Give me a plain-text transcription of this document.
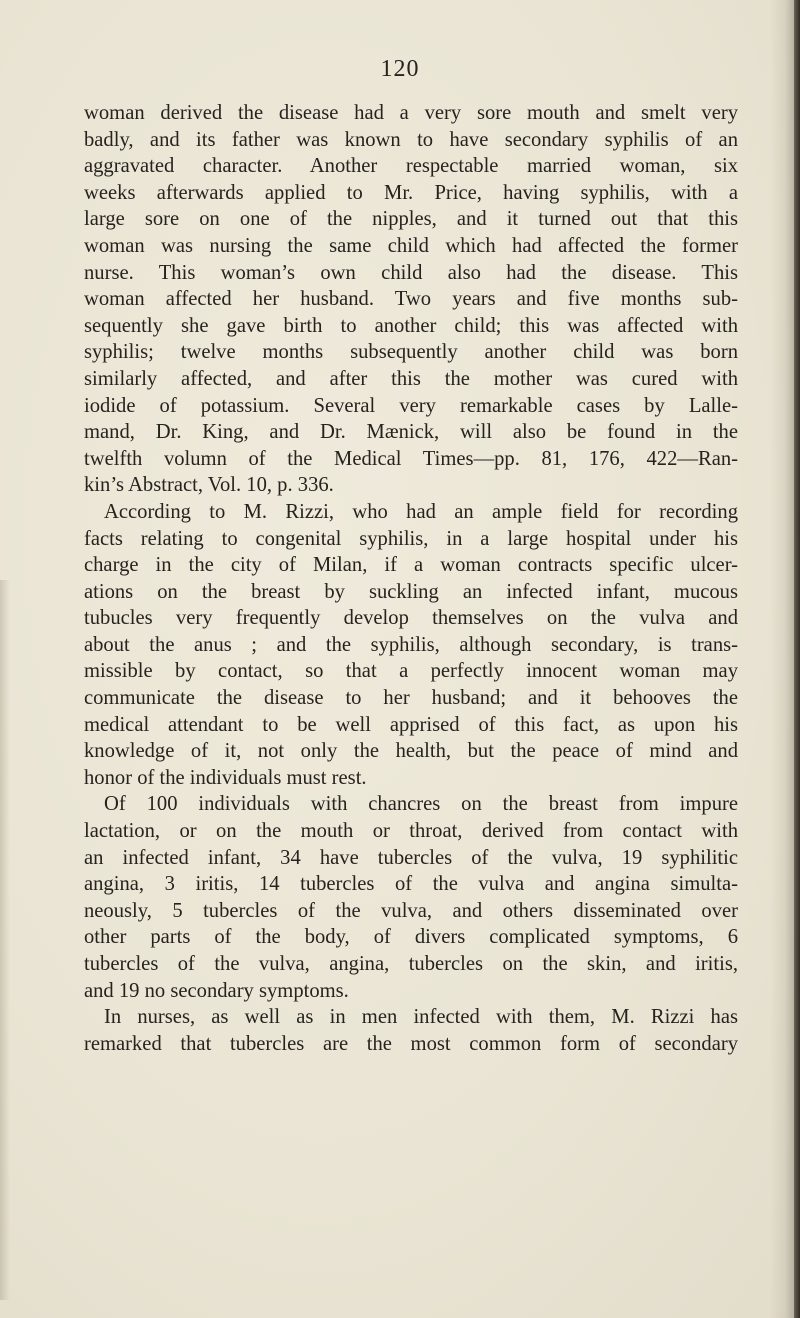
120
woman derived the disease had a very sore mouth and smelt very
badly, and its father was known to have secondary syphilis of an
aggravated character. Another respectable married woman, six
weeks afterwards applied to Mr. Price, having syphilis, with a
large sore on one of the nipples, and it turned out that this
woman was nursing the same child which had affected the former
nurse. This woman’s own child also had the disease. This
woman affected her husband. Two years and five months sub-
sequently she gave birth to another child; this was affected with
syphilis; twelve months subsequently another child was born
similarly affected, and after this the mother was cured with
iodide of potassium. Several very remarkable cases by Lalle-
mand, Dr. King, and Dr. Mænick, will also be found in the
twelfth volumn of the Medical Times—pp. 81, 176, 422—Ran-
kin’s Abstract, Vol. 10, p. 336.
According to M. Rizzi, who had an ample field for recording
facts relating to congenital syphilis, in a large hospital under his
charge in the city of Milan, if a woman contracts specific ulcer-
ations on the breast by suckling an infected infant, mucous
tubucles very frequently develop themselves on the vulva and
about the anus ; and the syphilis, although secondary, is trans-
missible by contact, so that a perfectly innocent woman may
communicate the disease to her husband; and it behooves the
medical attendant to be well apprised of this fact, as upon his
knowledge of it, not only the health, but the peace of mind and
honor of the individuals must rest.
Of 100 individuals with chancres on the breast from impure
lactation, or on the mouth or throat, derived from contact with
an infected infant, 34 have tubercles of the vulva, 19 syphilitic
angina, 3 iritis, 14 tubercles of the vulva and angina simulta-
neously, 5 tubercles of the vulva, and others disseminated over
other parts of the body, of divers complicated symptoms, 6
tubercles of the vulva, angina, tubercles on the skin, and iritis,
and 19 no secondary symptoms.
In nurses, as well as in men infected with them, M. Rizzi has
remarked that tubercles are the most common form of secondary
